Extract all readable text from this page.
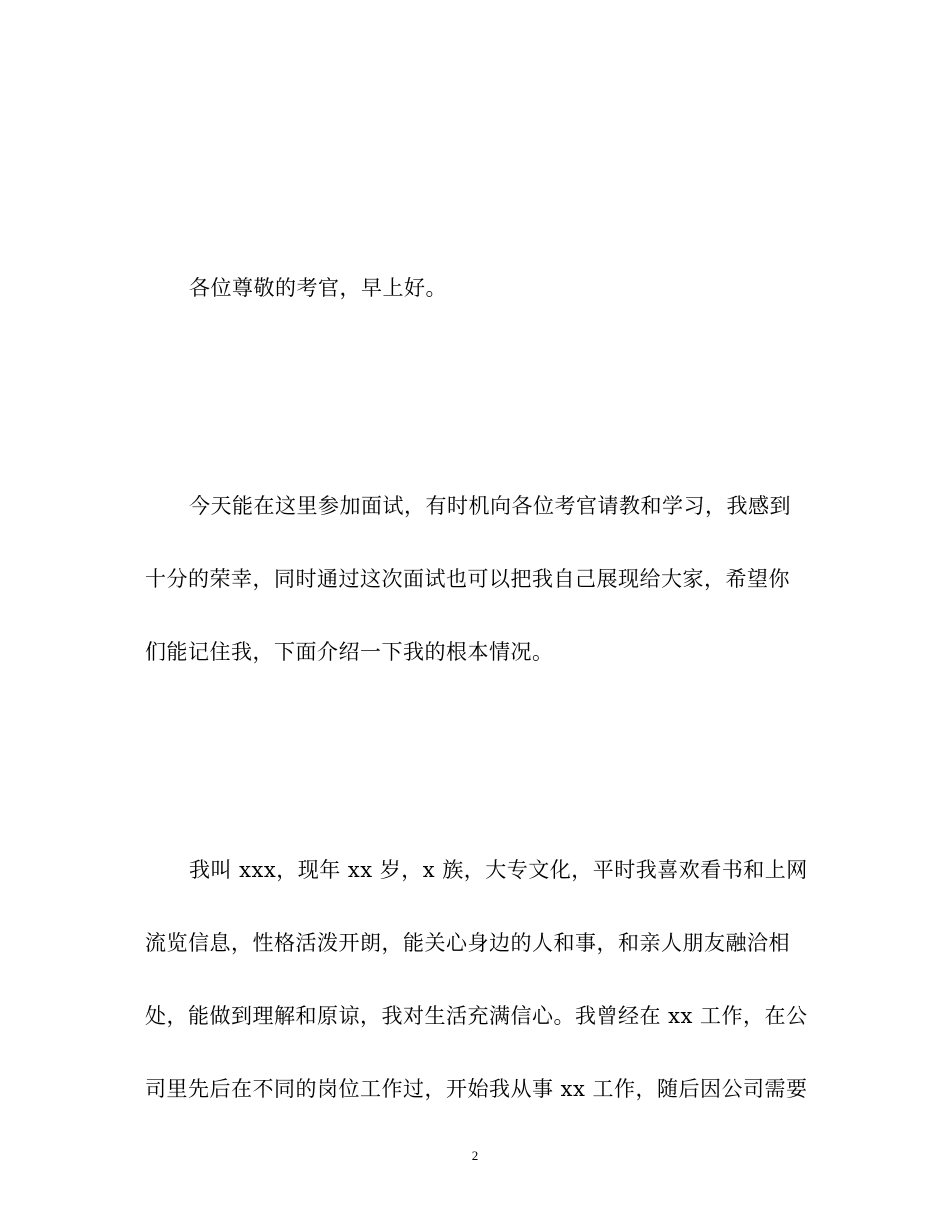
各位尊敬的考官，早上好。
今天能在这里参加面试，有时机向各位考官请教和学习，我感到
十分的荣幸，同时通过这次面试也可以把我自己展现给大家，希望你
们能记住我，下面介绍一下我的根本情况。
我叫 xxx，现年 xx 岁，x 族，大专文化，平时我喜欢看书和上网
流览信息，性格活泼开朗，能关心身边的人和事，和亲人朋友融洽相
处，能做到理解和原谅，我对生活充满信心。我曾经在 xx 工作，在公
司里先后在不同的岗位工作过，开始我从事 xx 工作，随后因公司需要
2
